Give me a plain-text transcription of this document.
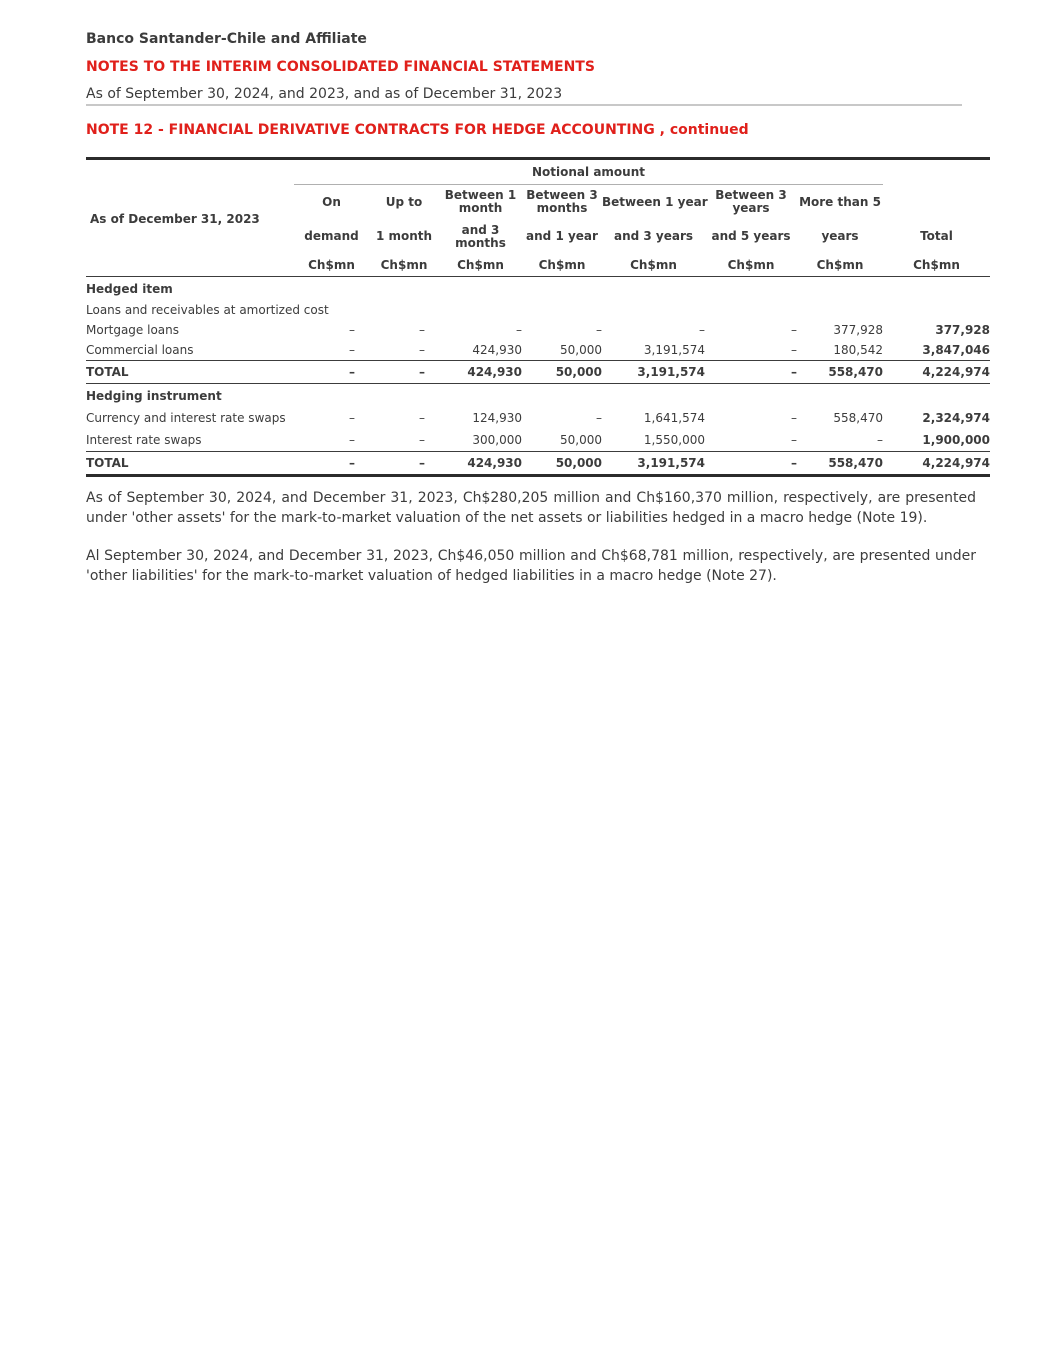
Banco Santander-Chile and Affiliate
NOTES TO THE INTERIM CONSOLIDATED FINANCIAL STATEMENTS
As of September 30, 2024, and 2023, and as of December 31, 2023
NOTE 12 - FINANCIAL DERIVATIVE CONTRACTS FOR HEDGE ACCOUNTING , continued
	Notional amount							
As of December 31, 2023	On	Up to	Between 1 month	Between 3 months	Between 1 year	Between 3 years	More than 5	
	demand	1 month	and 3 months	and 1 year	and 3 years	and 5 years	years	Total
	Ch$mn	Ch$mn	Ch$mn	Ch$mn	Ch$mn	Ch$mn	Ch$mn	Ch$mn
Hedged item								
Loans and receivables at amortized cost								
Mortgage loans	–	–	–	–	–	–	377,928	377,928
Commercial loans	–	–	424,930	50,000	3,191,574	–	180,542	3,847,046
TOTAL	–	–	424,930	50,000	3,191,574	–	558,470	4,224,974
Hedging instrument								
Currency and interest rate swaps	–	–	124,930	–	1,641,574	–	558,470	2,324,974
Interest rate swaps	–	–	300,000	50,000	1,550,000	–	–	1,900,000
TOTAL	–	–	424,930	50,000	3,191,574	–	558,470	4,224,974
As of September 30, 2024, and December 31, 2023, Ch$280,205 million and Ch$160,370 million, respectively, are presented under 'other assets' for the mark-to-market valuation of the net assets or liabilities hedged in a macro hedge (Note 19).
Al September 30, 2024, and December 31, 2023, Ch$46,050 million and Ch$68,781 million, respectively, are presented under 'other liabilities' for the mark-to-market valuation of hedged liabilities in a macro hedge (Note 27).
